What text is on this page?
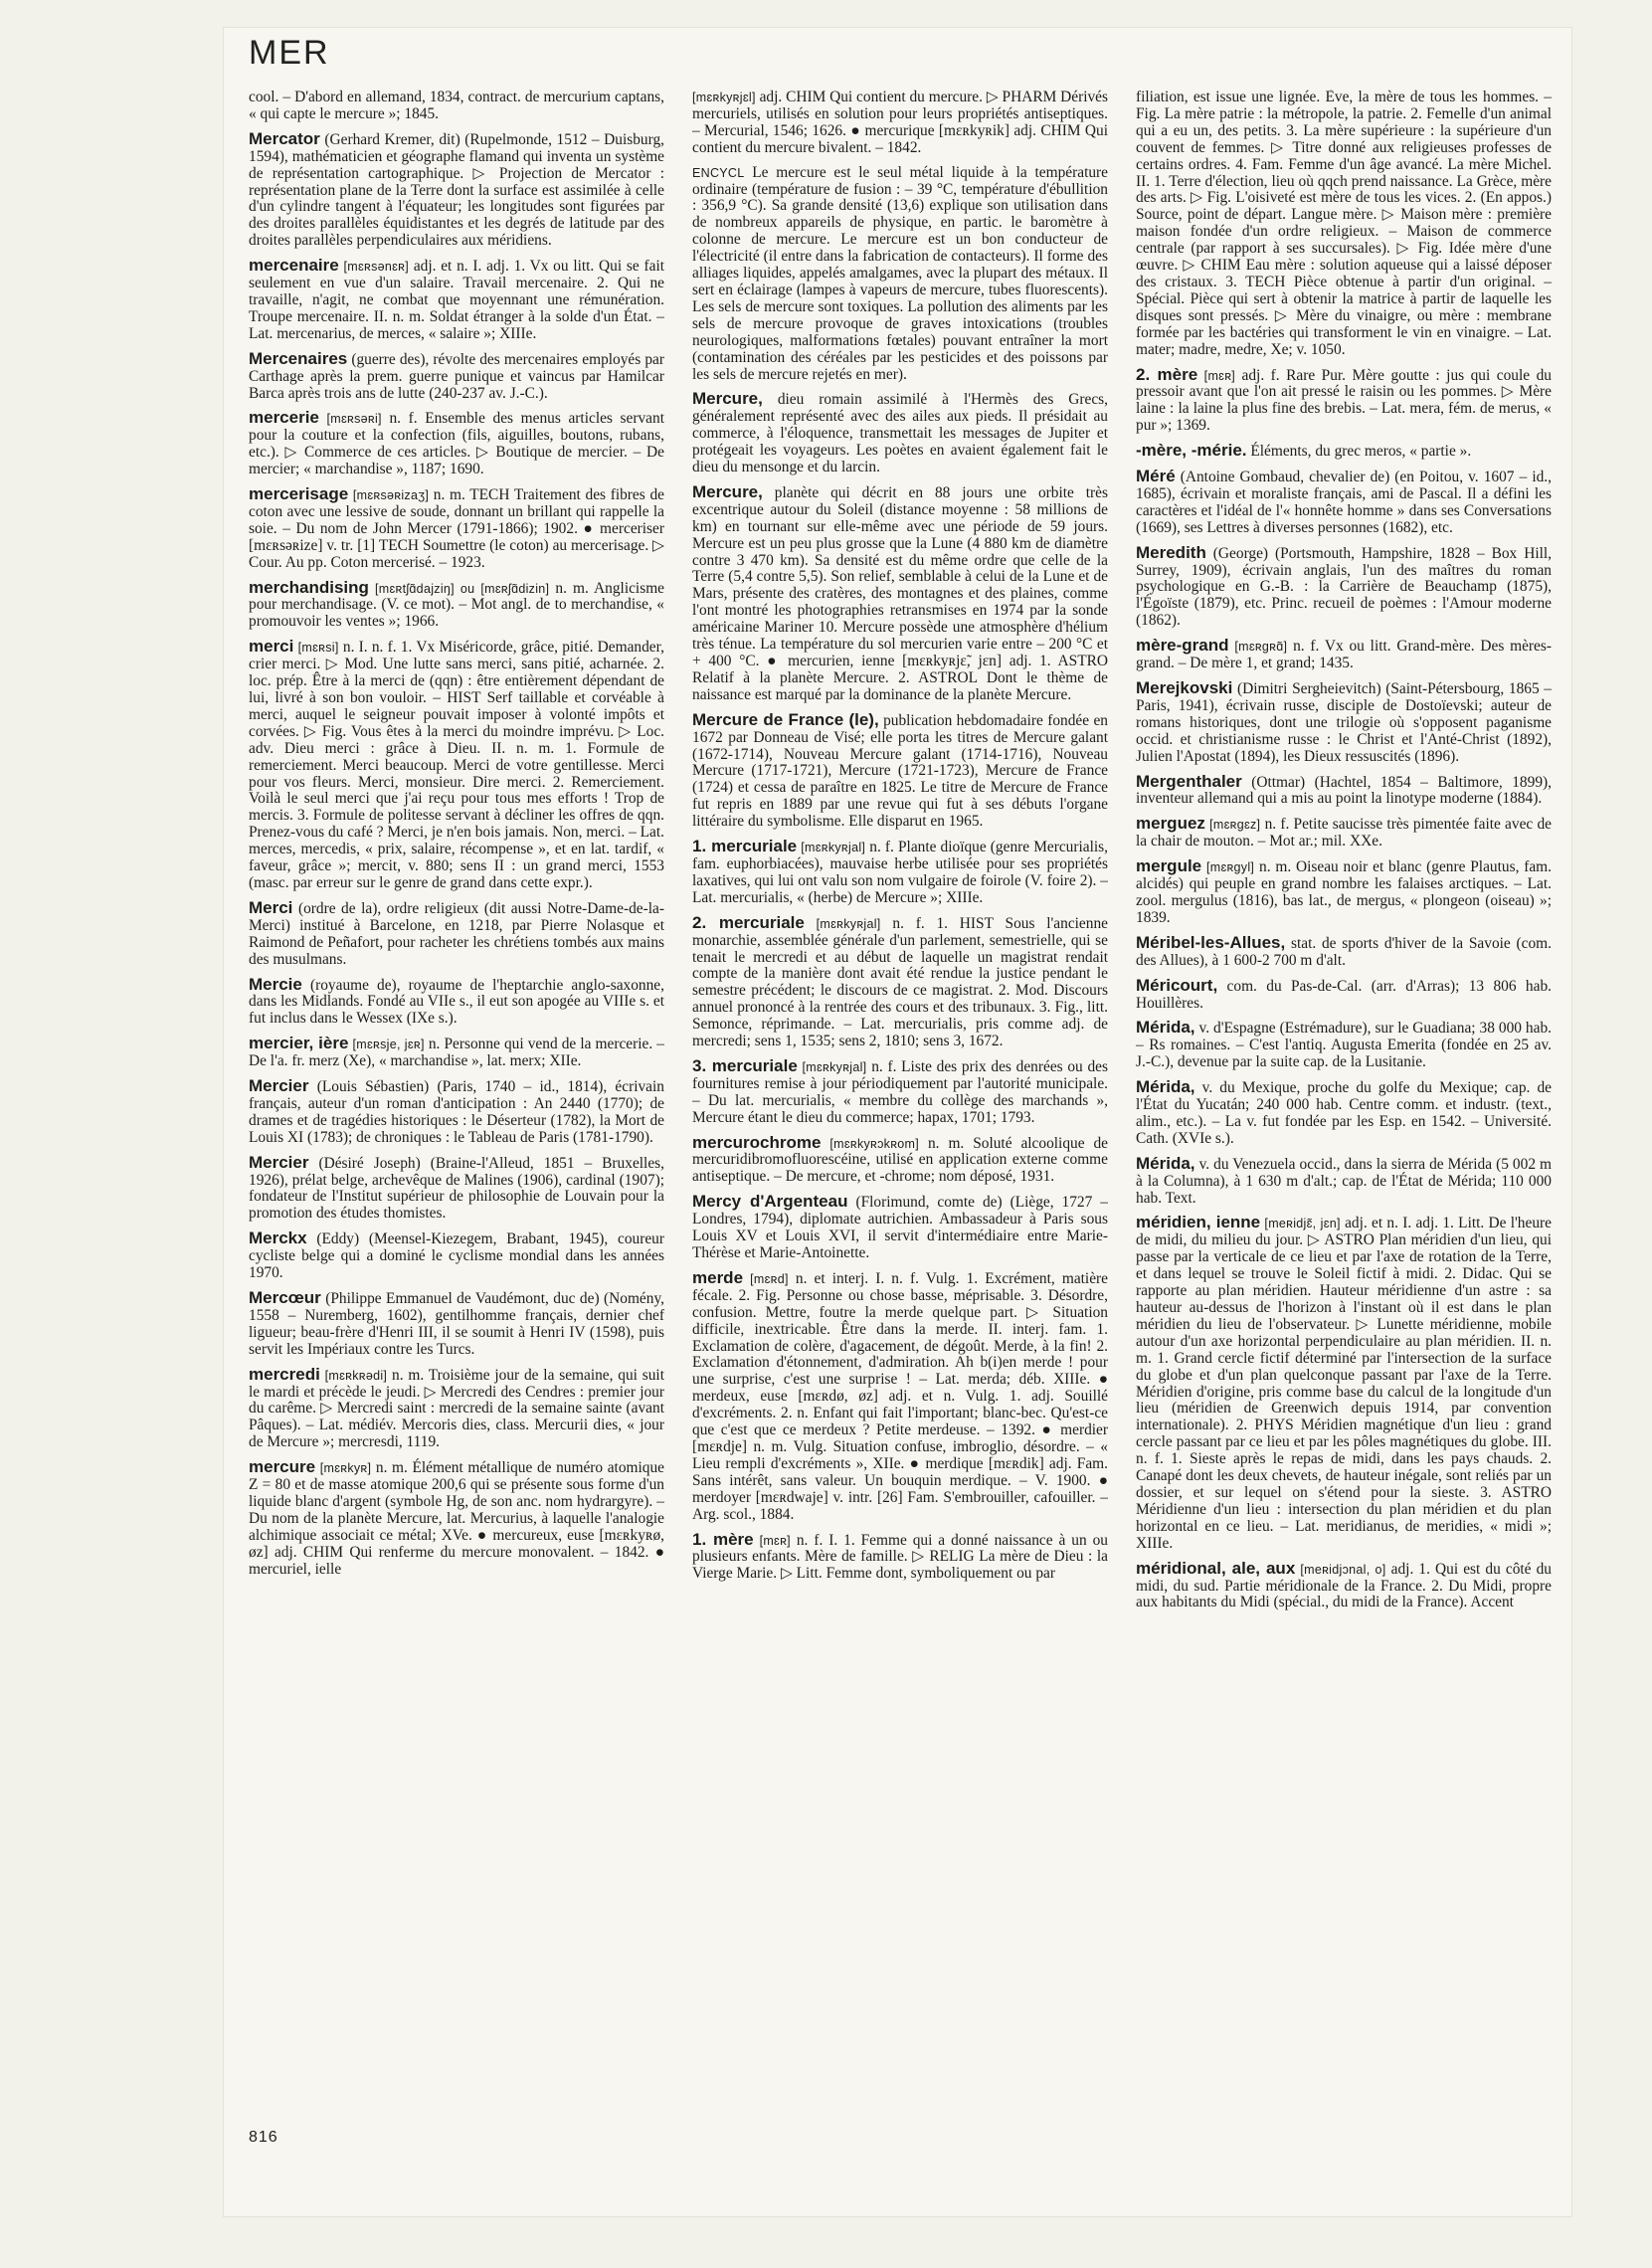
MER

cool. – D'abord en allemand, 1834, contract. de mercurium captans, « qui capte le mercure »; 1845.

Mercator (Gerhard Kremer, dit) (Rupelmonde, 1512 – Duisburg, 1594), mathématicien et géographe flamand qui inventa un système de représentation cartographique. ▷ Projection de Mercator : représentation plane de la Terre dont la surface est assimilée à celle d'un cylindre tangent à l'équateur; les longitudes sont figurées par des droites parallèles équidistantes et les degrés de latitude par des droites parallèles perpendiculaires aux méridiens.

mercenaire [mɛʀsənɛʀ] adj. et n. I. adj. 1. Vx ou litt. Qui se fait seulement en vue d'un salaire. Travail mercenaire. 2. Qui ne travaille, n'agit, ne combat que moyennant une rémunération. Troupe mercenaire. II. n. m. Soldat étranger à la solde d'un État. – Lat. mercenarius, de merces, « salaire »; XIIIe.

Mercenaires (guerre des), révolte des mercenaires employés par Carthage après la prem. guerre punique et vaincus par Hamilcar Barca après trois ans de lutte (240-237 av. J.-C.).

mercerie [mɛʀsəʀi] n. f. Ensemble des menus articles servant pour la couture et la confection (fils, aiguilles, boutons, rubans, etc.). ▷ Commerce de ces articles. ▷ Boutique de mercier. – De mercier; « marchandise », 1187; 1690.

mercerisage [mɛʀsəʀizaʒ] n. m. TECH Traitement des fibres de coton avec une lessive de soude, donnant un brillant qui rappelle la soie. – Du nom de John Mercer (1791-1866); 1902. ● merceriser [mɛʀsəʀize] v. tr. [1] TECH Soumettre (le coton) au mercerisage. ▷ Cour. Au pp. Coton mercerisé. – 1923.

merchandising [mɛʀtʃɑ̃dajziŋ] ou [mɛʀʃɑ̃dizin] n. m. Anglicisme pour merchandisage. (V. ce mot). – Mot angl. de to merchandise, « promouvoir les ventes »; 1966.

merci [mɛʀsi] n. I. n. f. 1. Vx Miséricorde, grâce, pitié. Demander, crier merci. ▷ Mod. Une lutte sans merci, sans pitié, acharnée. 2. loc. prép. Être à la merci de (qqn) : être entièrement dépendant de lui, livré à son bon vouloir. – HIST Serf taillable et corvéable à merci, auquel le seigneur pouvait imposer à volonté impôts et corvées. ▷ Fig. Vous êtes à la merci du moindre imprévu. ▷ Loc. adv. Dieu merci : grâce à Dieu. II. n. m. 1. Formule de remerciement. Merci beaucoup. Merci de votre gentillesse. Merci pour vos fleurs. Merci, monsieur. Dire merci. 2. Remerciement. Voilà le seul merci que j'ai reçu pour tous mes efforts ! Trop de mercis. 3. Formule de politesse servant à décliner les offres de qqn. Prenez-vous du café ? Merci, je n'en bois jamais. Non, merci. – Lat. merces, mercedis, « prix, salaire, récompense », et en lat. tardif, « faveur, grâce »; mercit, v. 880; sens II : un grand merci, 1553 (masc. par erreur sur le genre de grand dans cette expr.).

Merci (ordre de la), ordre religieux (dit aussi Notre-Dame-de-la-Merci) institué à Barcelone, en 1218, par Pierre Nolasque et Raimond de Peñafort, pour racheter les chrétiens tombés aux mains des musulmans.

Mercie (royaume de), royaume de l'heptarchie anglo-saxonne, dans les Midlands. Fondé au VIIe s., il eut son apogée au VIIIe s. et fut inclus dans le Wessex (IXe s.).

mercier, ière [mɛʀsje, jɛʀ] n. Personne qui vend de la mercerie. – De l'a. fr. merz (Xe), « marchandise », lat. merx; XIIe.

Mercier (Louis Sébastien) (Paris, 1740 – id., 1814), écrivain français, auteur d'un roman d'anticipation : An 2440 (1770); de drames et de tragédies historiques : le Déserteur (1782), la Mort de Louis XI (1783); de chroniques : le Tableau de Paris (1781-1790).

Mercier (Désiré Joseph) (Braine-l'Alleud, 1851 – Bruxelles, 1926), prélat belge, archevêque de Malines (1906), cardinal (1907); fondateur de l'Institut supérieur de philosophie de Louvain pour la promotion des études thomistes.

Merckx (Eddy) (Meensel-Kiezegem, Brabant, 1945), coureur cycliste belge qui a dominé le cyclisme mondial dans les années 1970.

Mercœur (Philippe Emmanuel de Vaudémont, duc de) (Nomény, 1558 – Nuremberg, 1602), gentilhomme français, dernier chef ligueur; beau-frère d'Henri III, il se soumit à Henri IV (1598), puis servit les Impériaux contre les Turcs.

mercredi [mɛʀkʀədi] n. m. Troisième jour de la semaine, qui suit le mardi et précède le jeudi. ▷ Mercredi des Cendres : premier jour du carême. ▷ Mercredi saint : mercredi de la semaine sainte (avant Pâques). – Lat. médiév. Mercoris dies, class. Mercurii dies, « jour de Mercure »; mercresdi, 1119.

mercure [mɛʀkyʀ] n. m. Élément métallique de numéro atomique Z = 80 et de masse atomique 200,6 qui se présente sous forme d'un liquide blanc d'argent (symbole Hg, de son anc. nom hydrargyre). – Du nom de la planète Mercure, lat. Mercurius, à laquelle l'analogie alchimique associait ce métal; XVe. ● mercureux, euse [mɛʀkyʀø, øz] adj. CHIM Qui renferme du mercure monovalent. – 1842. ● mercuriel, ielle

[mɛʀkyʀjɛl] adj. CHIM Qui contient du mercure. ▷ PHARM Dérivés mercuriels, utilisés en solution pour leurs propriétés antiseptiques. – Mercurial, 1546; 1626. ● mercurique [mɛʀkyʀik] adj. CHIM Qui contient du mercure bivalent. – 1842.

ENCYCL Le mercure est le seul métal liquide à la température ordinaire (température de fusion : – 39 °C, température d'ébullition : 356,9 °C). Sa grande densité (13,6) explique son utilisation dans de nombreux appareils de physique, en partic. le baromètre à colonne de mercure. Le mercure est un bon conducteur de l'électricité (il entre dans la fabrication de contacteurs). Il forme des alliages liquides, appelés amalgames, avec la plupart des métaux. Il sert en éclairage (lampes à vapeurs de mercure, tubes fluorescents). Les sels de mercure sont toxiques. La pollution des aliments par les sels de mercure provoque de graves intoxications (troubles neurologiques, malformations fœtales) pouvant entraîner la mort (contamination des céréales par les pesticides et des poissons par les sels de mercure rejetés en mer).

Mercure, dieu romain assimilé à l'Hermès des Grecs, généralement représenté avec des ailes aux pieds. Il présidait au commerce, à l'éloquence, transmettait les messages de Jupiter et protégeait les voyageurs. Les poètes en avaient également fait le dieu du mensonge et du larcin.

Mercure, planète qui décrit en 88 jours une orbite très excentrique autour du Soleil (distance moyenne : 58 millions de km) en tournant sur elle-même avec une période de 59 jours. Mercure est un peu plus grosse que la Lune (4 880 km de diamètre contre 3 470 km). Sa densité est du même ordre que celle de la Terre (5,4 contre 5,5). Son relief, semblable à celui de la Lune et de Mars, présente des cratères, des montagnes et des plaines, comme l'ont montré les photographies retransmises en 1974 par la sonde américaine Mariner 10. Mercure possède une atmosphère d'hélium très ténue. La température du sol mercurien varie entre – 200 °C et + 400 °C. ● mercurien, ienne [mɛʀkyʀjɛ̃, jɛn] adj. 1. ASTRO Relatif à la planète Mercure. 2. ASTROL Dont le thème de naissance est marqué par la dominance de la planète Mercure.

Mercure de France (le), publication hebdomadaire fondée en 1672 par Donneau de Visé; elle porta les titres de Mercure galant (1672-1714), Nouveau Mercure galant (1714-1716), Nouveau Mercure (1717-1721), Mercure (1721-1723), Mercure de France (1724) et cessa de paraître en 1825. Le titre de Mercure de France fut repris en 1889 par une revue qui fut à ses débuts l'organe littéraire du symbolisme. Elle disparut en 1965.

1. mercuriale [mɛʀkyʀjal] n. f. Plante dioïque (genre Mercurialis, fam. euphorbiacées), mauvaise herbe utilisée pour ses propriétés laxatives, qui lui ont valu son nom vulgaire de foirole (V. foire 2). – Lat. mercurialis, « (herbe) de Mercure »; XIIIe.

2. mercuriale [mɛʀkyʀjal] n. f. 1. HIST Sous l'ancienne monarchie, assemblée générale d'un parlement, semestrielle, qui se tenait le mercredi et au début de laquelle un magistrat rendait compte de la manière dont avait été rendue la justice pendant le semestre précédent; le discours de ce magistrat. 2. Mod. Discours annuel prononcé à la rentrée des cours et des tribunaux. 3. Fig., litt. Semonce, réprimande. – Lat. mercurialis, pris comme adj. de mercredi; sens 1, 1535; sens 2, 1810; sens 3, 1672.

3. mercuriale [mɛʀkyʀjal] n. f. Liste des prix des denrées ou des fournitures remise à jour périodiquement par l'autorité municipale. – Du lat. mercurialis, « membre du collège des marchands », Mercure étant le dieu du commerce; hapax, 1701; 1793.

mercurochrome [mɛʀkyʀɔkʀom] n. m. Soluté alcoolique de mercuridibromofluorescéine, utilisé en application externe comme antiseptique. – De mercure, et -chrome; nom déposé, 1931.

Mercy d'Argenteau (Florimund, comte de) (Liège, 1727 – Londres, 1794), diplomate autrichien. Ambassadeur à Paris sous Louis XV et Louis XVI, il servit d'intermédiaire entre Marie-Thérèse et Marie-Antoinette.

merde [mɛʀd] n. et interj. I. n. f. Vulg. 1. Excrément, matière fécale. 2. Fig. Personne ou chose basse, méprisable. 3. Désordre, confusion. Mettre, foutre la merde quelque part. ▷ Situation difficile, inextricable. Être dans la merde. II. interj. fam. 1. Exclamation de colère, d'agacement, de dégoût. Merde, à la fin! 2. Exclamation d'étonnement, d'admiration. Ah b(i)en merde ! pour une surprise, c'est une surprise ! – Lat. merda; déb. XIIIe. ● merdeux, euse [mɛʀdø, øz] adj. et n. Vulg. 1. adj. Souillé d'excréments. 2. n. Enfant qui fait l'important; blanc-bec. Qu'est-ce que c'est que ce merdeux ? Petite merdeuse. – 1392. ● merdier [mɛʀdje] n. m. Vulg. Situation confuse, imbroglio, désordre. – « Lieu rempli d'excréments », XIIe. ● merdique [mɛʀdik] adj. Fam. Sans intérêt, sans valeur. Un bouquin merdique. – V. 1900. ● merdoyer [mɛʀdwaje] v. intr. [26] Fam. S'embrouiller, cafouiller. – Arg. scol., 1884.

1. mère [mɛʀ] n. f. I. 1. Femme qui a donné naissance à un ou plusieurs enfants. Mère de famille. ▷ RELIG La mère de Dieu : la Vierge Marie. ▷ Litt. Femme dont, symboliquement ou par

filiation, est issue une lignée. Ève, la mère de tous les hommes. – Fig. La mère patrie : la métropole, la patrie. 2. Femelle d'un animal qui a eu un, des petits. 3. La mère supérieure : la supérieure d'un couvent de femmes. ▷ Titre donné aux religieuses professes de certains ordres. 4. Fam. Femme d'un âge avancé. La mère Michel. II. 1. Terre d'élection, lieu où qqch prend naissance. La Grèce, mère des arts. ▷ Fig. L'oisiveté est mère de tous les vices. 2. (En appos.) Source, point de départ. Langue mère. ▷ Maison mère : première maison fondée d'un ordre religieux. – Maison de commerce centrale (par rapport à ses succursales). ▷ Fig. Idée mère d'une œuvre. ▷ CHIM Eau mère : solution aqueuse qui a laissé déposer des cristaux. 3. TECH Pièce obtenue à partir d'un original. – Spécial. Pièce qui sert à obtenir la matrice à partir de laquelle les disques sont pressés. ▷ Mère du vinaigre, ou mère : membrane formée par les bactéries qui transforment le vin en vinaigre. – Lat. mater; madre, medre, Xe; v. 1050.

2. mère [mɛʀ] adj. f. Rare Pur. Mère goutte : jus qui coule du pressoir avant que l'on ait pressé le raisin ou les pommes. ▷ Mère laine : la laine la plus fine des brebis. – Lat. mera, fém. de merus, « pur »; 1369.

-mère, -mérie. Éléments, du grec meros, « partie ».

Méré (Antoine Gombaud, chevalier de) (en Poitou, v. 1607 – id., 1685), écrivain et moraliste français, ami de Pascal. Il a défini les caractères et l'idéal de l'« honnête homme » dans ses Conversations (1669), ses Lettres à diverses personnes (1682), etc.

Meredith (George) (Portsmouth, Hampshire, 1828 – Box Hill, Surrey, 1909), écrivain anglais, l'un des maîtres du roman psychologique en G.-B. : la Carrière de Beauchamp (1875), l'Égoïste (1879), etc. Princ. recueil de poèmes : l'Amour moderne (1862).

mère-grand [mɛʀgʀɑ̃] n. f. Vx ou litt. Grand-mère. Des mères-grand. – De mère 1, et grand; 1435.

Merejkovski (Dimitri Sergheievitch) (Saint-Pétersbourg, 1865 – Paris, 1941), écrivain russe, disciple de Dostoïevski; auteur de romans historiques, dont une trilogie où s'opposent paganisme occid. et christianisme russe : le Christ et l'Anté-Christ (1892), Julien l'Apostat (1894), les Dieux ressuscités (1896).

Mergenthaler (Ottmar) (Hachtel, 1854 – Baltimore, 1899), inventeur allemand qui a mis au point la linotype moderne (1884).

merguez [mɛʀgɛz] n. f. Petite saucisse très pimentée faite avec de la chair de mouton. – Mot ar.; mil. XXe.

mergule [mɛʀgyl] n. m. Oiseau noir et blanc (genre Plautus, fam. alcidés) qui peuple en grand nombre les falaises arctiques. – Lat. zool. mergulus (1816), bas lat., de mergus, « plongeon (oiseau) »; 1839.

Méribel-les-Allues, stat. de sports d'hiver de la Savoie (com. des Allues), à 1 600-2 700 m d'alt.

Méricourt, com. du Pas-de-Cal. (arr. d'Arras); 13 806 hab. Houillères.

Mérida, v. d'Espagne (Estrémadure), sur le Guadiana; 38 000 hab. – Rs romaines. – C'est l'antiq. Augusta Emerita (fondée en 25 av. J.-C.), devenue par la suite cap. de la Lusitanie.

Mérida, v. du Mexique, proche du golfe du Mexique; cap. de l'État du Yucatán; 240 000 hab. Centre comm. et industr. (text., alim., etc.). – La v. fut fondée par les Esp. en 1542. – Université. Cath. (XVIe s.).

Mérida, v. du Venezuela occid., dans la sierra de Mérida (5 002 m à la Columna), à 1 630 m d'alt.; cap. de l'État de Mérida; 110 000 hab. Text.

méridien, ienne [meʀidjɛ̃, jɛn] adj. et n. I. adj. 1. Litt. De l'heure de midi, du milieu du jour. ▷ ASTRO Plan méridien d'un lieu, qui passe par la verticale de ce lieu et par l'axe de rotation de la Terre, et dans lequel se trouve le Soleil fictif à midi. 2. Didac. Qui se rapporte au plan méridien. Hauteur méridienne d'un astre : sa hauteur au-dessus de l'horizon à l'instant où il est dans le plan méridien du lieu de l'observateur. ▷ Lunette méridienne, mobile autour d'un axe horizontal perpendiculaire au plan méridien. II. n. m. 1. Grand cercle fictif déterminé par l'intersection de la surface du globe et d'un plan quelconque passant par l'axe de la Terre. Méridien d'origine, pris comme base du calcul de la longitude d'un lieu (méridien de Greenwich depuis 1914, par convention internationale). 2. PHYS Méridien magnétique d'un lieu : grand cercle passant par ce lieu et par les pôles magnétiques du globe. III. n. f. 1. Sieste après le repas de midi, dans les pays chauds. 2. Canapé dont les deux chevets, de hauteur inégale, sont reliés par un dossier, et sur lequel on s'étend pour la sieste. 3. ASTRO Méridienne d'un lieu : intersection du plan méridien et du plan horizontal en ce lieu. – Lat. meridianus, de meridies, « midi »; XIIIe.

méridional, ale, aux [meʀidjɔnal, o] adj. 1. Qui est du côté du midi, du sud. Partie méridionale de la France. 2. Du Midi, propre aux habitants du Midi (spécial., du midi de la France). Accent

816
